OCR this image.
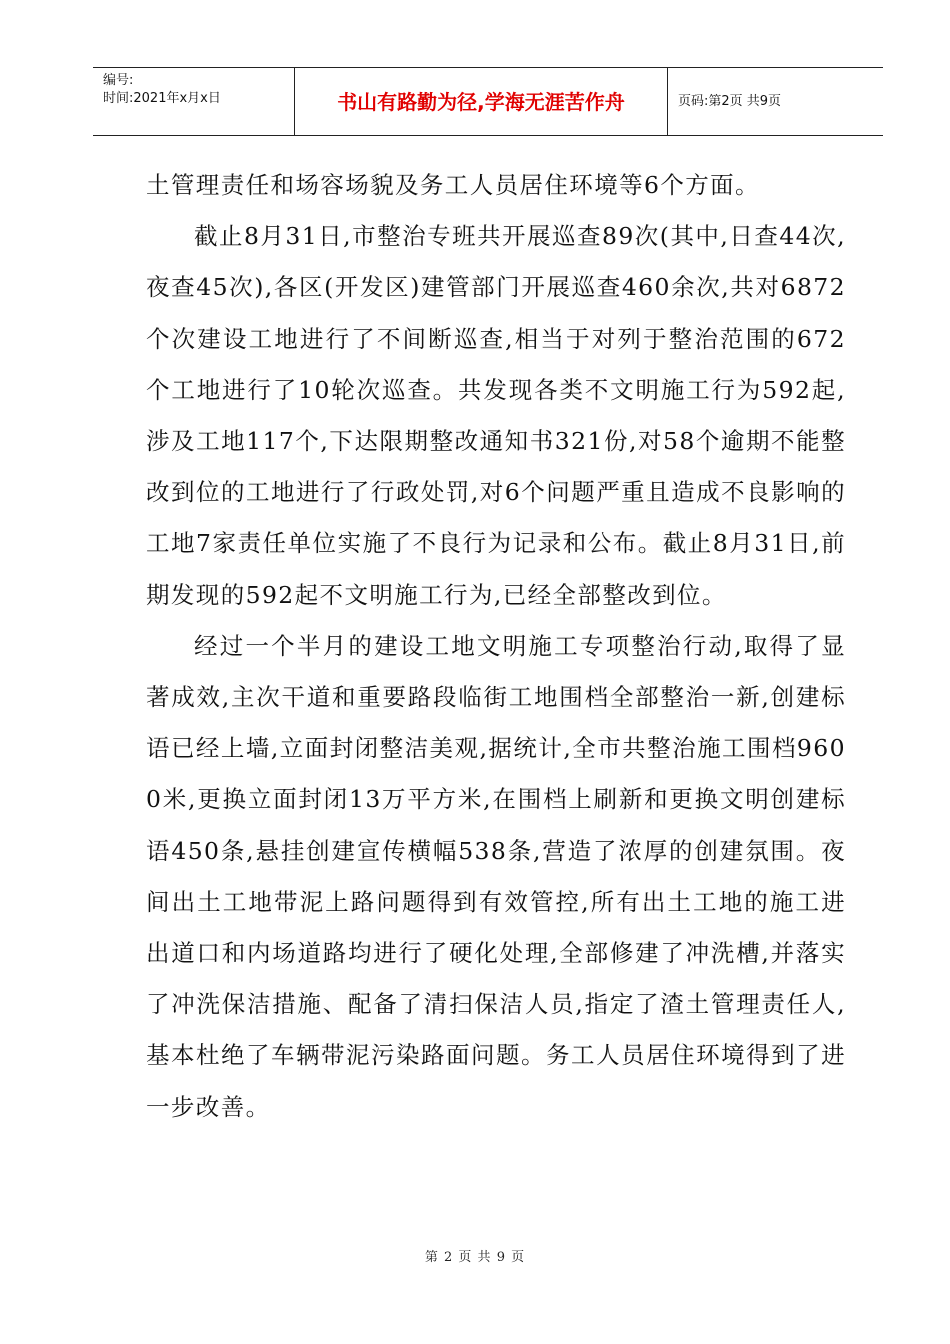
编号:
时间:2021年x月x日	书山有路勤为径,学海无涯苦作舟	页码:第2页 共9页

土管理责任和场容场貌及务工人员居住环境等6个方面。

截止8月31日,市整治专班共开展巡查89次(其中,日查44次,夜查45次),各区(开发区)建管部门开展巡查460余次,共对6872个次建设工地进行了不间断巡查,相当于对列于整治范围的672个工地进行了10轮次巡查。共发现各类不文明施工行为592起,涉及工地117个,下达限期整改通知书321份,对58个逾期不能整改到位的工地进行了行政处罚,对6个问题严重且造成不良影响的工地7家责任单位实施了不良行为记录和公布。截止8月31日,前期发现的592起不文明施工行为,已经全部整改到位。

经过一个半月的建设工地文明施工专项整治行动,取得了显著成效,主次干道和重要路段临街工地围档全部整治一新,创建标语已经上墙,立面封闭整洁美观,据统计,全市共整治施工围档9600米,更换立面封闭13万平方米,在围档上刷新和更换文明创建标语450条,悬挂创建宣传横幅538条,营造了浓厚的创建氛围。夜间出土工地带泥上路问题得到有效管控,所有出土工地的施工进出道口和内场道路均进行了硬化处理,全部修建了冲洗槽,并落实了冲洗保洁措施、配备了清扫保洁人员,指定了渣土管理责任人,基本杜绝了车辆带泥污染路面问题。务工人员居住环境得到了进一步改善。

第 2 页 共 9 页
